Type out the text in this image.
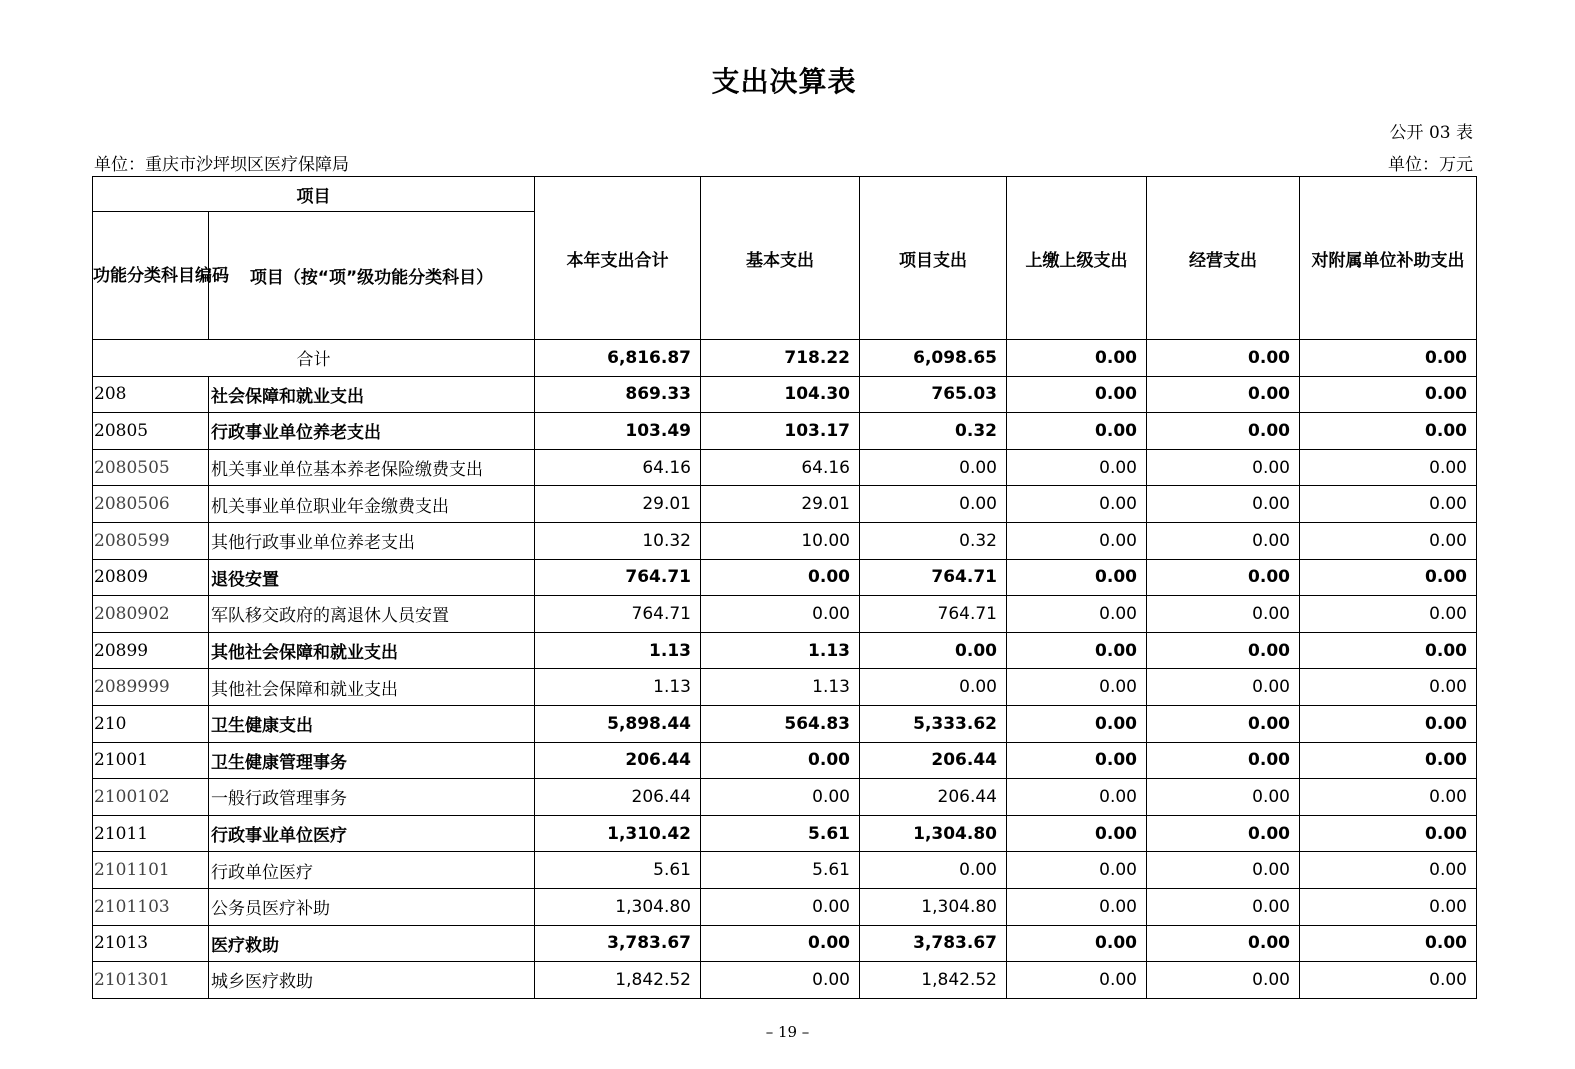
支出决算表
公开 03 表
单位：重庆市沙坪坝区医疗保障局	单位：万元
项目		本年支出合计	基本支出	项目支出	上缴上级支出	经营支出	对附属单位补助支出
功能分类科目编码	项目（按“项”级功能分类科目）						
合计		6,816.87	718.22	6,098.65	0.00	0.00	0.00
208	社会保障和就业支出	869.33	104.30	765.03	0.00	0.00	0.00
20805	行政事业单位养老支出	103.49	103.17	0.32	0.00	0.00	0.00
2080505	机关事业单位基本养老保险缴费支出	64.16	64.16	0.00	0.00	0.00	0.00
2080506	机关事业单位职业年金缴费支出	29.01	29.01	0.00	0.00	0.00	0.00
2080599	其他行政事业单位养老支出	10.32	10.00	0.32	0.00	0.00	0.00
20809	退役安置	764.71	0.00	764.71	0.00	0.00	0.00
2080902	军队移交政府的离退休人员安置	764.71	0.00	764.71	0.00	0.00	0.00
20899	其他社会保障和就业支出	1.13	1.13	0.00	0.00	0.00	0.00
2089999	其他社会保障和就业支出	1.13	1.13	0.00	0.00	0.00	0.00
210	卫生健康支出	5,898.44	564.83	5,333.62	0.00	0.00	0.00
21001	卫生健康管理事务	206.44	0.00	206.44	0.00	0.00	0.00
2100102	一般行政管理事务	206.44	0.00	206.44	0.00	0.00	0.00
21011	行政事业单位医疗	1,310.42	5.61	1,304.80	0.00	0.00	0.00
2101101	行政单位医疗	5.61	5.61	0.00	0.00	0.00	0.00
2101103	公务员医疗补助	1,304.80	0.00	1,304.80	0.00	0.00	0.00
21013	医疗救助	3,783.67	0.00	3,783.67	0.00	0.00	0.00
2101301	城乡医疗救助	1,842.52	0.00	1,842.52	0.00	0.00	0.00
– 19 –
